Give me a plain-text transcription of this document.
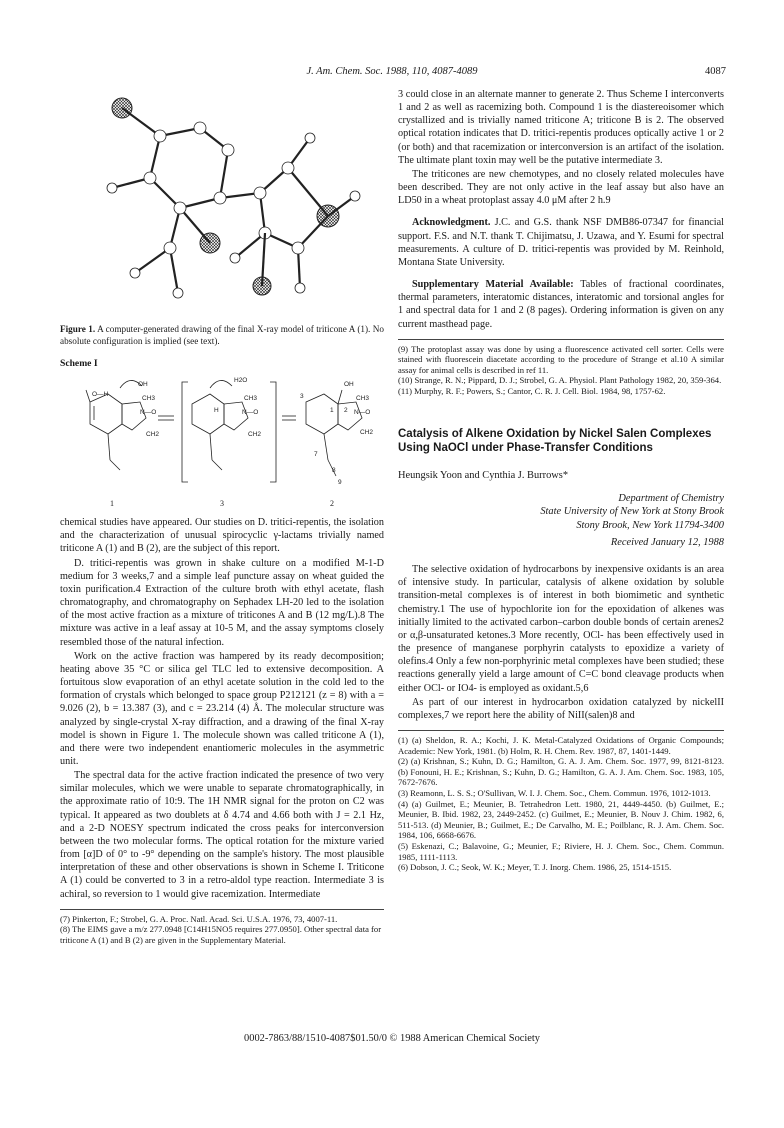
J. Am. Chem. Soc. 1988, 110, 4087-4089	4087
Figure 1. A computer-generated drawing of the final X-ray model of triticone A (1). No absolute configuration is implied (see text).
Scheme I
OH
O—H
CH3
N—O
CH2
H2O
H
CH3
N—O
CH2
OH
3	CH3
N—O
CH2
1 2
7
8
9
1	3	2

chemical studies have appeared. Our studies on D. tritici-repentis, the isolation and the characterization of unusual spirocyclic γ-lactams trivially named triticone A (1) and B (2), are the subject of this report.

D. tritici-repentis was grown in shake culture on a modified M-1-D medium for 3 weeks,7 and a simple leaf puncture assay on wheat guided the toxin purification.4 Extraction of the culture broth with ethyl acetate, flash chromatography, and chromatography on Sephadex LH-20 led to the isolation of the most active fraction as a mixture of triticones A and B (12 mg/L).8 The mixture was active in a leaf assay at 10-5 M, and the assay symptoms closely resembled those of the natural infection.

Work on the active fraction was hampered by its ready decomposition; heating above 35 °C or silica gel TLC led to extensive decomposition. A fortuitous slow evaporation of an ethyl acetate solution in the cold led to the formation of crystals which belonged to space group P212121 (z = 8) with a = 9.026 (2), b = 13.387 (3), and c = 23.214 (4) Å. The molecular structure was analyzed by single-crystal X-ray diffraction, and a drawing of the final X-ray model is shown in Figure 1. The molecule shown was called triticone A (1), and there were two independent enantiomeric molecules in the asymmetric unit.

The spectral data for the active fraction indicated the presence of two very similar molecules, which we were unable to separate chromatographically, in the approximate ratio of 10:9. The 1H NMR signal for the proton on C2 was typical. It appeared as two doublets at δ 4.74 and 4.66 both with J = 2.1 Hz, and a 2-D NOESY spectrum indicated the cross peaks for interconversion between the two molecular forms. The optical rotation for the mixture varied from [α]D of 0° to -9° depending on the sample's history. The most plausible interpretation of these and other observations is shown in Scheme I. Triticone A (1) could be converted to 3 in a retro-aldol type reaction. Intermediate 3 is achiral, so reversion to 1 would give racemization. Intermediate

(7) Pinkerton, F.; Strobel, G. A. Proc. Natl. Acad. Sci. U.S.A. 1976, 73, 4007-11.

(8) The EIMS gave a m/z 277.0948 [C14H15NO5 requires 277.0950]. Other spectral data for triticone A (1) and B (2) are given in the Supplementary Material.

3 could close in an alternate manner to generate 2. Thus Scheme I interconverts 1 and 2 as well as racemizing both. Compound 1 is the diastereoisomer which crystallized and is trivially named triticone A; triticone B is 2. The observed optical rotation indicates that D. tritici-repentis produces optically active 1 or 2 (or both) and that racemization or interconversion is an artifact of the isolation. The ultimate plant toxin may well be the putative intermediate 3.

The triticones are new chemotypes, and no closely related molecules have been described. They are not only active in the leaf assay but also have an LD50 in a wheat protoplast assay 4.0 μM after 2 h.9

Acknowledgment. J.C. and G.S. thank NSF DMB86-07347 for financial support. F.S. and N.T. thank T. Chijimatsu, J. Uzawa, and Y. Esumi for spectral measurements. A culture of D. tritici-repentis was provided by M. Reinhold, Montana State University.

Supplementary Material Available: Tables of fractional coordinates, thermal parameters, interatomic distances, interatomic and torsional angles for 1 and spectral data for 1 and 2 (8 pages). Ordering information is given on any current masthead page.

(9) The protoplast assay was done by using a fluorescence activated cell sorter. Cells were stained with fluorescein diacetate according to the procedure of Strange et al.10 A similar assay for animal cells is described in ref 11.

(10) Strange, R. N.; Pippard, D. J.; Strobel, G. A. Physiol. Plant Pathology 1982, 20, 359-364.

(11) Murphy, R. F.; Powers, S.; Cantor, C. R. J. Cell. Biol. 1984, 98, 1757-62.

Catalysis of Alkene Oxidation by Nickel Salen Complexes Using NaOCl under Phase-Transfer Conditions

Heungsik Yoon and Cynthia J. Burrows*

Department of Chemistry
State University of New York at Stony Brook
Stony Brook, New York 11794-3400

Received January 12, 1988

The selective oxidation of hydrocarbons by inexpensive oxidants is an area of intensive study. In particular, catalysis of alkene oxidation by soluble transition-metal complexes is of interest in both biomimetic and synthetic chemistry.1 The use of hypochlorite ion for the epoxidation of alkenes was initially limited to the activated carbon–carbon double bonds of certain arenes2 or α,β-unsaturated ketones.3 More recently, OCl- has been effectively used in the presence of manganese porphyrin catalysts to epoxidize a variety of olefins.4 Only a few non-porphyrinic metal complexes have been studied; these reactions generally yield a large amount of C=C bond cleavage products when either OCl- or IO4- is employed as oxidant.5,6

As part of our interest in hydrocarbon oxidation catalyzed by nickelII complexes,7 we report here the ability of NiII(salen)8 and

(1) (a) Sheldon, R. A.; Kochi, J. K. Metal-Catalyzed Oxidations of Organic Compounds; Academic: New York, 1981. (b) Holm, R. H. Chem. Rev. 1987, 87, 1401-1449.

(2) (a) Krishnan, S.; Kuhn, D. G.; Hamilton, G. A. J. Am. Chem. Soc. 1977, 99, 8121-8123. (b) Fonouni, H. E.; Krishnan, S.; Kuhn, D. G.; Hamilton, G. A. J. Am. Chem. Soc. 1983, 105, 7672-7676.

(3) Reamonn, L. S. S.; O'Sullivan, W. I. J. Chem. Soc., Chem. Commun. 1976, 1012-1013.

(4) (a) Guilmet, E.; Meunier, B. Tetrahedron Lett. 1980, 21, 4449-4450. (b) Guilmet, E.; Meunier, B. Ibid. 1982, 23, 2449-2452. (c) Guilmet, E.; Meunier, B. Nouv J. Chim. 1982, 6, 511-513. (d) Meunier, B.; Guilmet, E.; De Carvalho, M. E.; Poilblanc, R. J. Am. Chem. Soc. 1984, 106, 6668-6676.

(5) Eskenazi, C.; Balavoine, G.; Meunier, F.; Riviere, H. J. Chem. Soc., Chem. Commun. 1985, 1111-1113.

(6) Dobson, J. C.; Seok, W. K.; Meyer, T. J. Inorg. Chem. 1986, 25, 1514-1515.

0002-7863/88/1510-4087$01.50/0 © 1988 American Chemical Society
